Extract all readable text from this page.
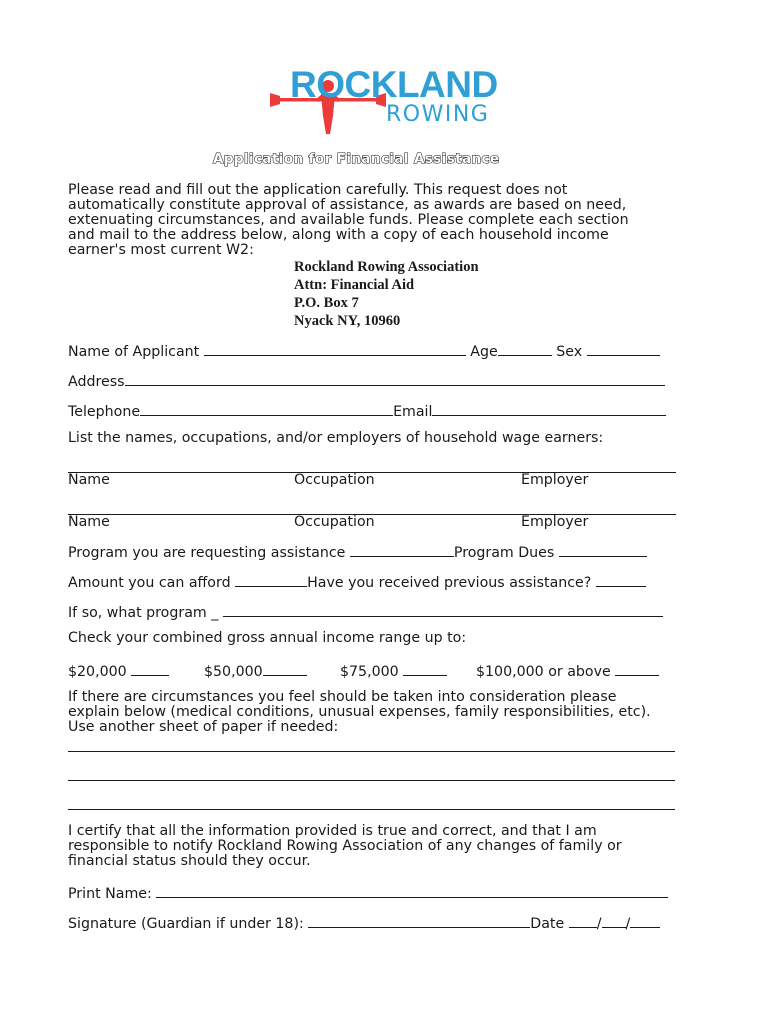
ROCKLAND
ROWING
Application for Financial Assistance
Please read and fill out the application carefully. This request does not
automatically constitute approval of assistance, as awards are based on need,
extenuating circumstances, and available funds. Please complete each section
and mail to the address below, along with a copy of each household income
earner's most current W2:
Rockland Rowing Association
Attn: Financial Aid
P.O. Box 7
Nyack NY, 10960
Name of Applicant	Age	Sex
Address
Telephone	Email
List the names, occupations, and/or employers of household wage earners:
Name	Occupation	Employer
Name	Occupation	Employer
Program you are requesting assistance	Program Dues
Amount you can afford	Have you received previous assistance?
If so, what program _
Check your combined gross annual income range up to:
$20,000	$50,000	$75,000	$100,000 or above
If there are circumstances you feel should be taken into consideration please
explain below (medical conditions, unusual expenses, family responsibilities, etc).
Use another sheet of paper if needed:
I certify that all the information provided is true and correct, and that I am
responsible to notify Rockland Rowing Association of any changes of family or
financial status should they occur.
Print Name:
Signature (Guardian if under 18):	Date / /
